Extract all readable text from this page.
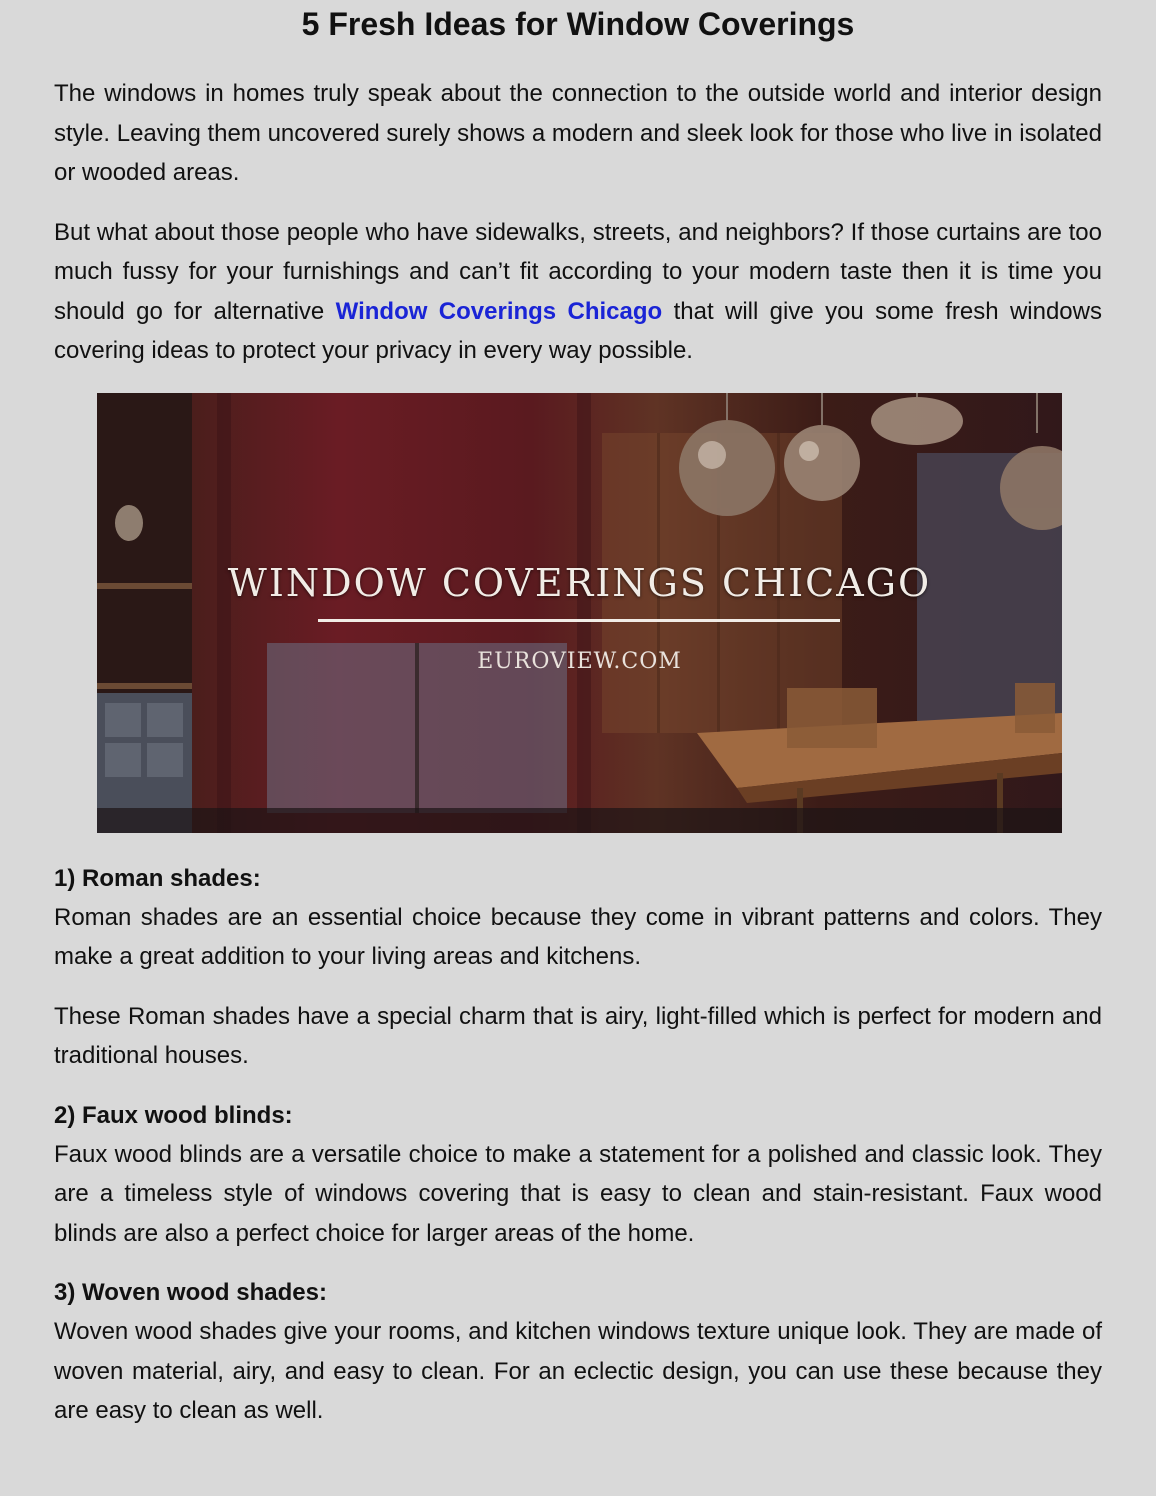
5 Fresh Ideas for Window Coverings

The windows in homes truly speak about the connection to the outside world and interior design style. Leaving them uncovered surely shows a modern and sleek look for those who live in isolated or wooded areas.

But what about those people who have sidewalks, streets, and neighbors? If those curtains are too much fussy for your furnishings and can’t fit according to your modern taste then it is time you should go for alternative Window Coverings Chicago that will give you some fresh windows covering ideas to protect your privacy in every way possible.

WINDOW COVERINGS CHICAGO
EUROVIEW.COM
1) Roman shades:

Roman shades are an essential choice because they come in vibrant patterns and colors. They make a great addition to your living areas and kitchens.

These Roman shades have a special charm that is airy, light-filled which is perfect for modern and traditional houses.

2) Faux wood blinds:

Faux wood blinds are a versatile choice to make a statement for a polished and classic look. They are a timeless style of windows covering that is easy to clean and stain-resistant. Faux wood blinds are also a perfect choice for larger areas of the home.

3) Woven wood shades:

Woven wood shades give your rooms, and kitchen windows texture unique look. They are made of woven material, airy, and easy to clean. For an eclectic design, you can use these because they are easy to clean as well.
